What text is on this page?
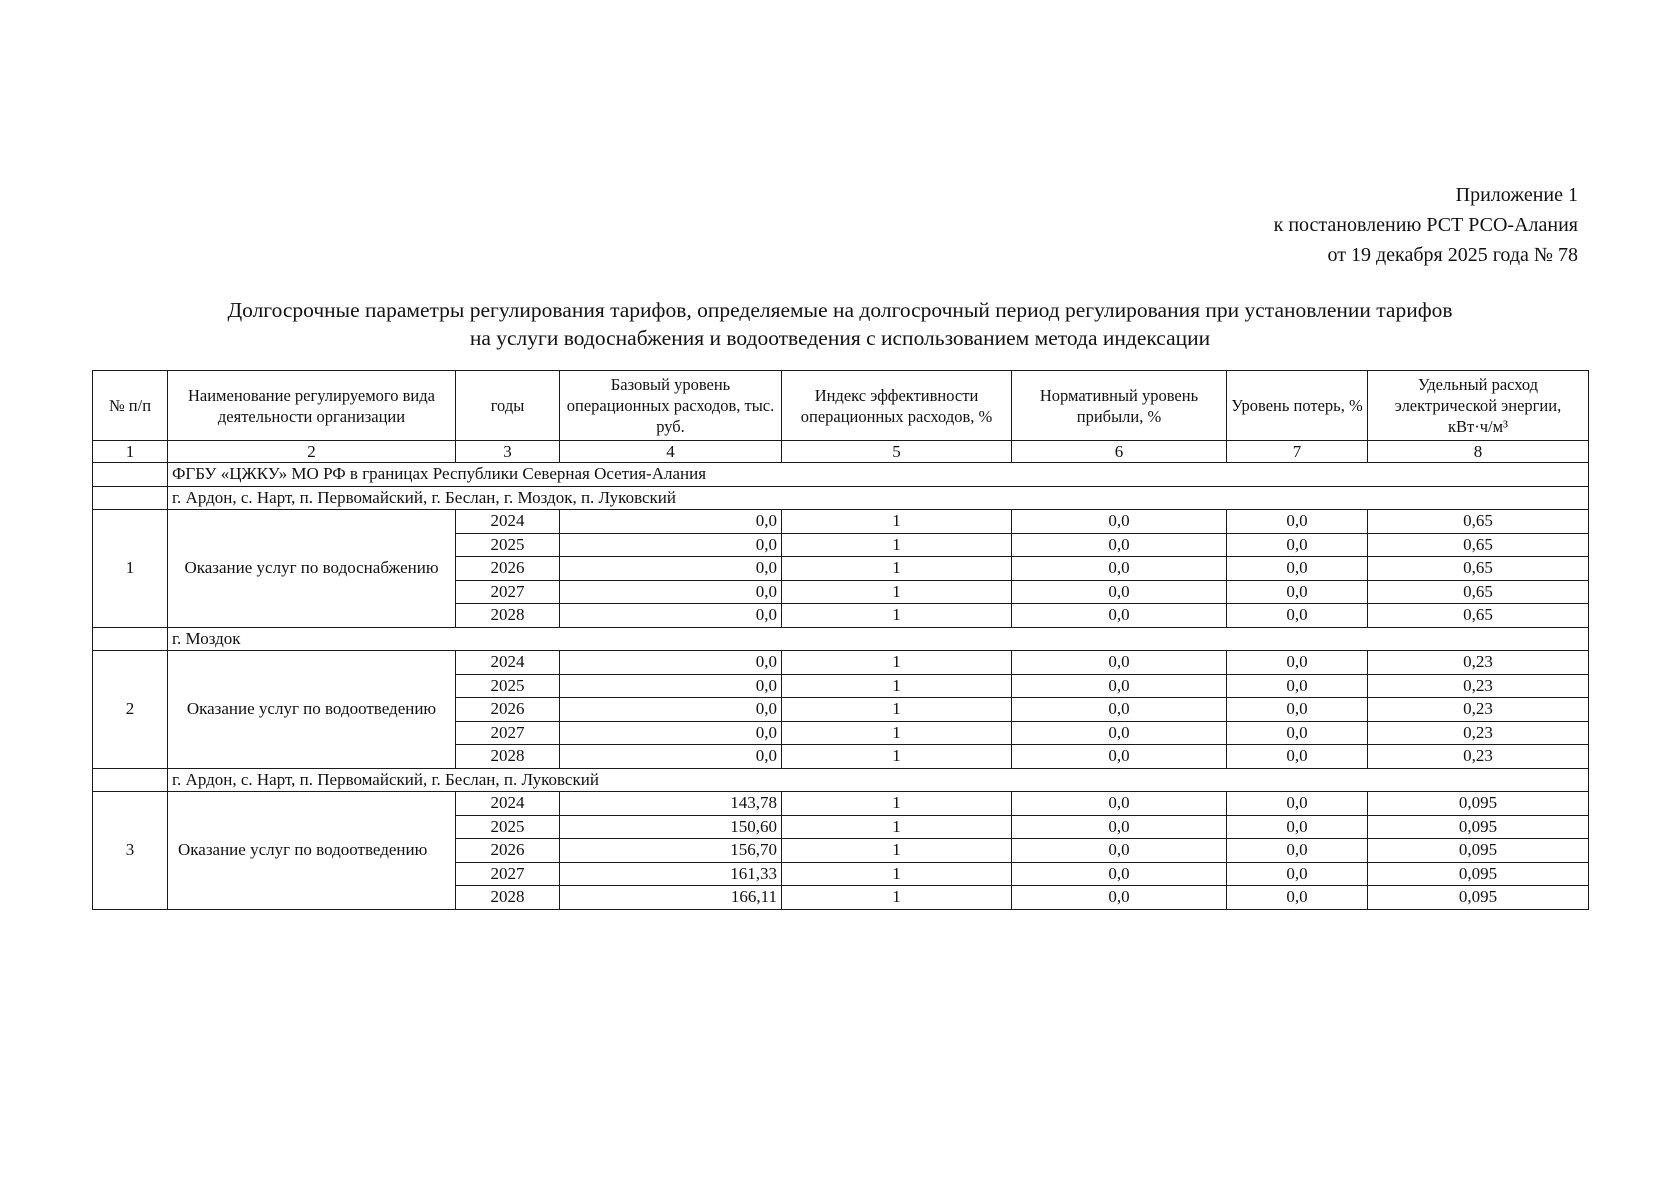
Приложение 1
к постановлению РСТ РСО-Алания
от 19 декабря 2025 года № 78
Долгосрочные параметры регулирования тарифов, определяемые на долгосрочный период регулирования при установлении тарифов
на услуги водоснабжения и водоотведения с использованием метода индексации
№ п/п	Наименование регулируемого вида деятельности организации	годы	Базовый уровень операционных расходов, тыс. руб.	Индекс эффективности операционных расходов, %	Нормативный уровень прибыли, %	Уровень потерь, %	Удельный расход электрической энергии, кВт·ч/м³
1	2	3	4	5	6	7	8
	ФГБУ «ЦЖКУ» МО РФ в границах Республики Северная Осетия-Алания						
	г. Ардон, с. Нарт, п. Первомайский, г. Беслан, г. Моздок, п. Луковский						
1	Оказание услуг по водоснабжению	2024	0,0	1	0,0	0,0	0,65
		2025	0,0	1	0,0	0,0	0,65
		2026	0,0	1	0,0	0,0	0,65
		2027	0,0	1	0,0	0,0	0,65
		2028	0,0	1	0,0	0,0	0,65
	г. Моздок						
2	Оказание услуг по водоотведению	2024	0,0	1	0,0	0,0	0,23
		2025	0,0	1	0,0	0,0	0,23
		2026	0,0	1	0,0	0,0	0,23
		2027	0,0	1	0,0	0,0	0,23
		2028	0,0	1	0,0	0,0	0,23
	г. Ардон, с. Нарт, п. Первомайский, г. Беслан, п. Луковский						
3	Оказание услуг по водоотведению	2024	143,78	1	0,0	0,0	0,095
		2025	150,60	1	0,0	0,0	0,095
		2026	156,70	1	0,0	0,0	0,095
		2027	161,33	1	0,0	0,0	0,095
		2028	166,11	1	0,0	0,0	0,095
